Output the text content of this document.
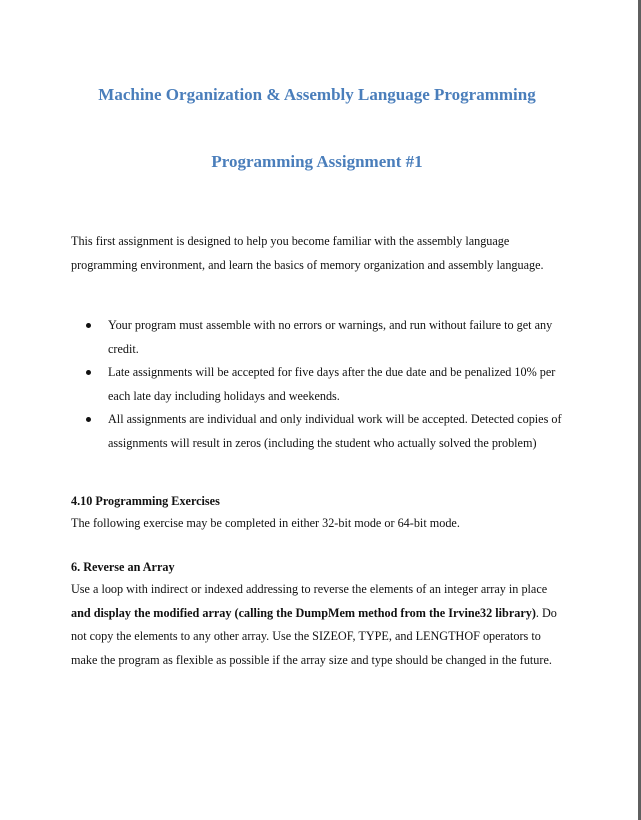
Machine Organization & Assembly Language Programming
Programming Assignment #1

This first assignment is designed to help you become familiar with the assembly language programming environment, and learn the basics of memory organization and assembly language.

Your program must assemble with no errors or warnings, and run without failure to get any credit.
Late assignments will be accepted for five days after the due date and be penalized 10% per each late day including holidays and weekends.
All assignments are individual and only individual work will be accepted. Detected copies of assignments will result in zeros (including the student who actually solved the problem)

4.10 Programming Exercises

The following exercise may be completed in either 32-bit mode or 64-bit mode.

6. Reverse an Array

Use a loop with indirect or indexed addressing to reverse the elements of an integer array in place and display the modified array (calling the DumpMem method from the Irvine32 library). Do not copy the elements to any other array. Use the SIZEOF, TYPE, and LENGTHOF operators to make the program as flexible as possible if the array size and type should be changed in the future.
